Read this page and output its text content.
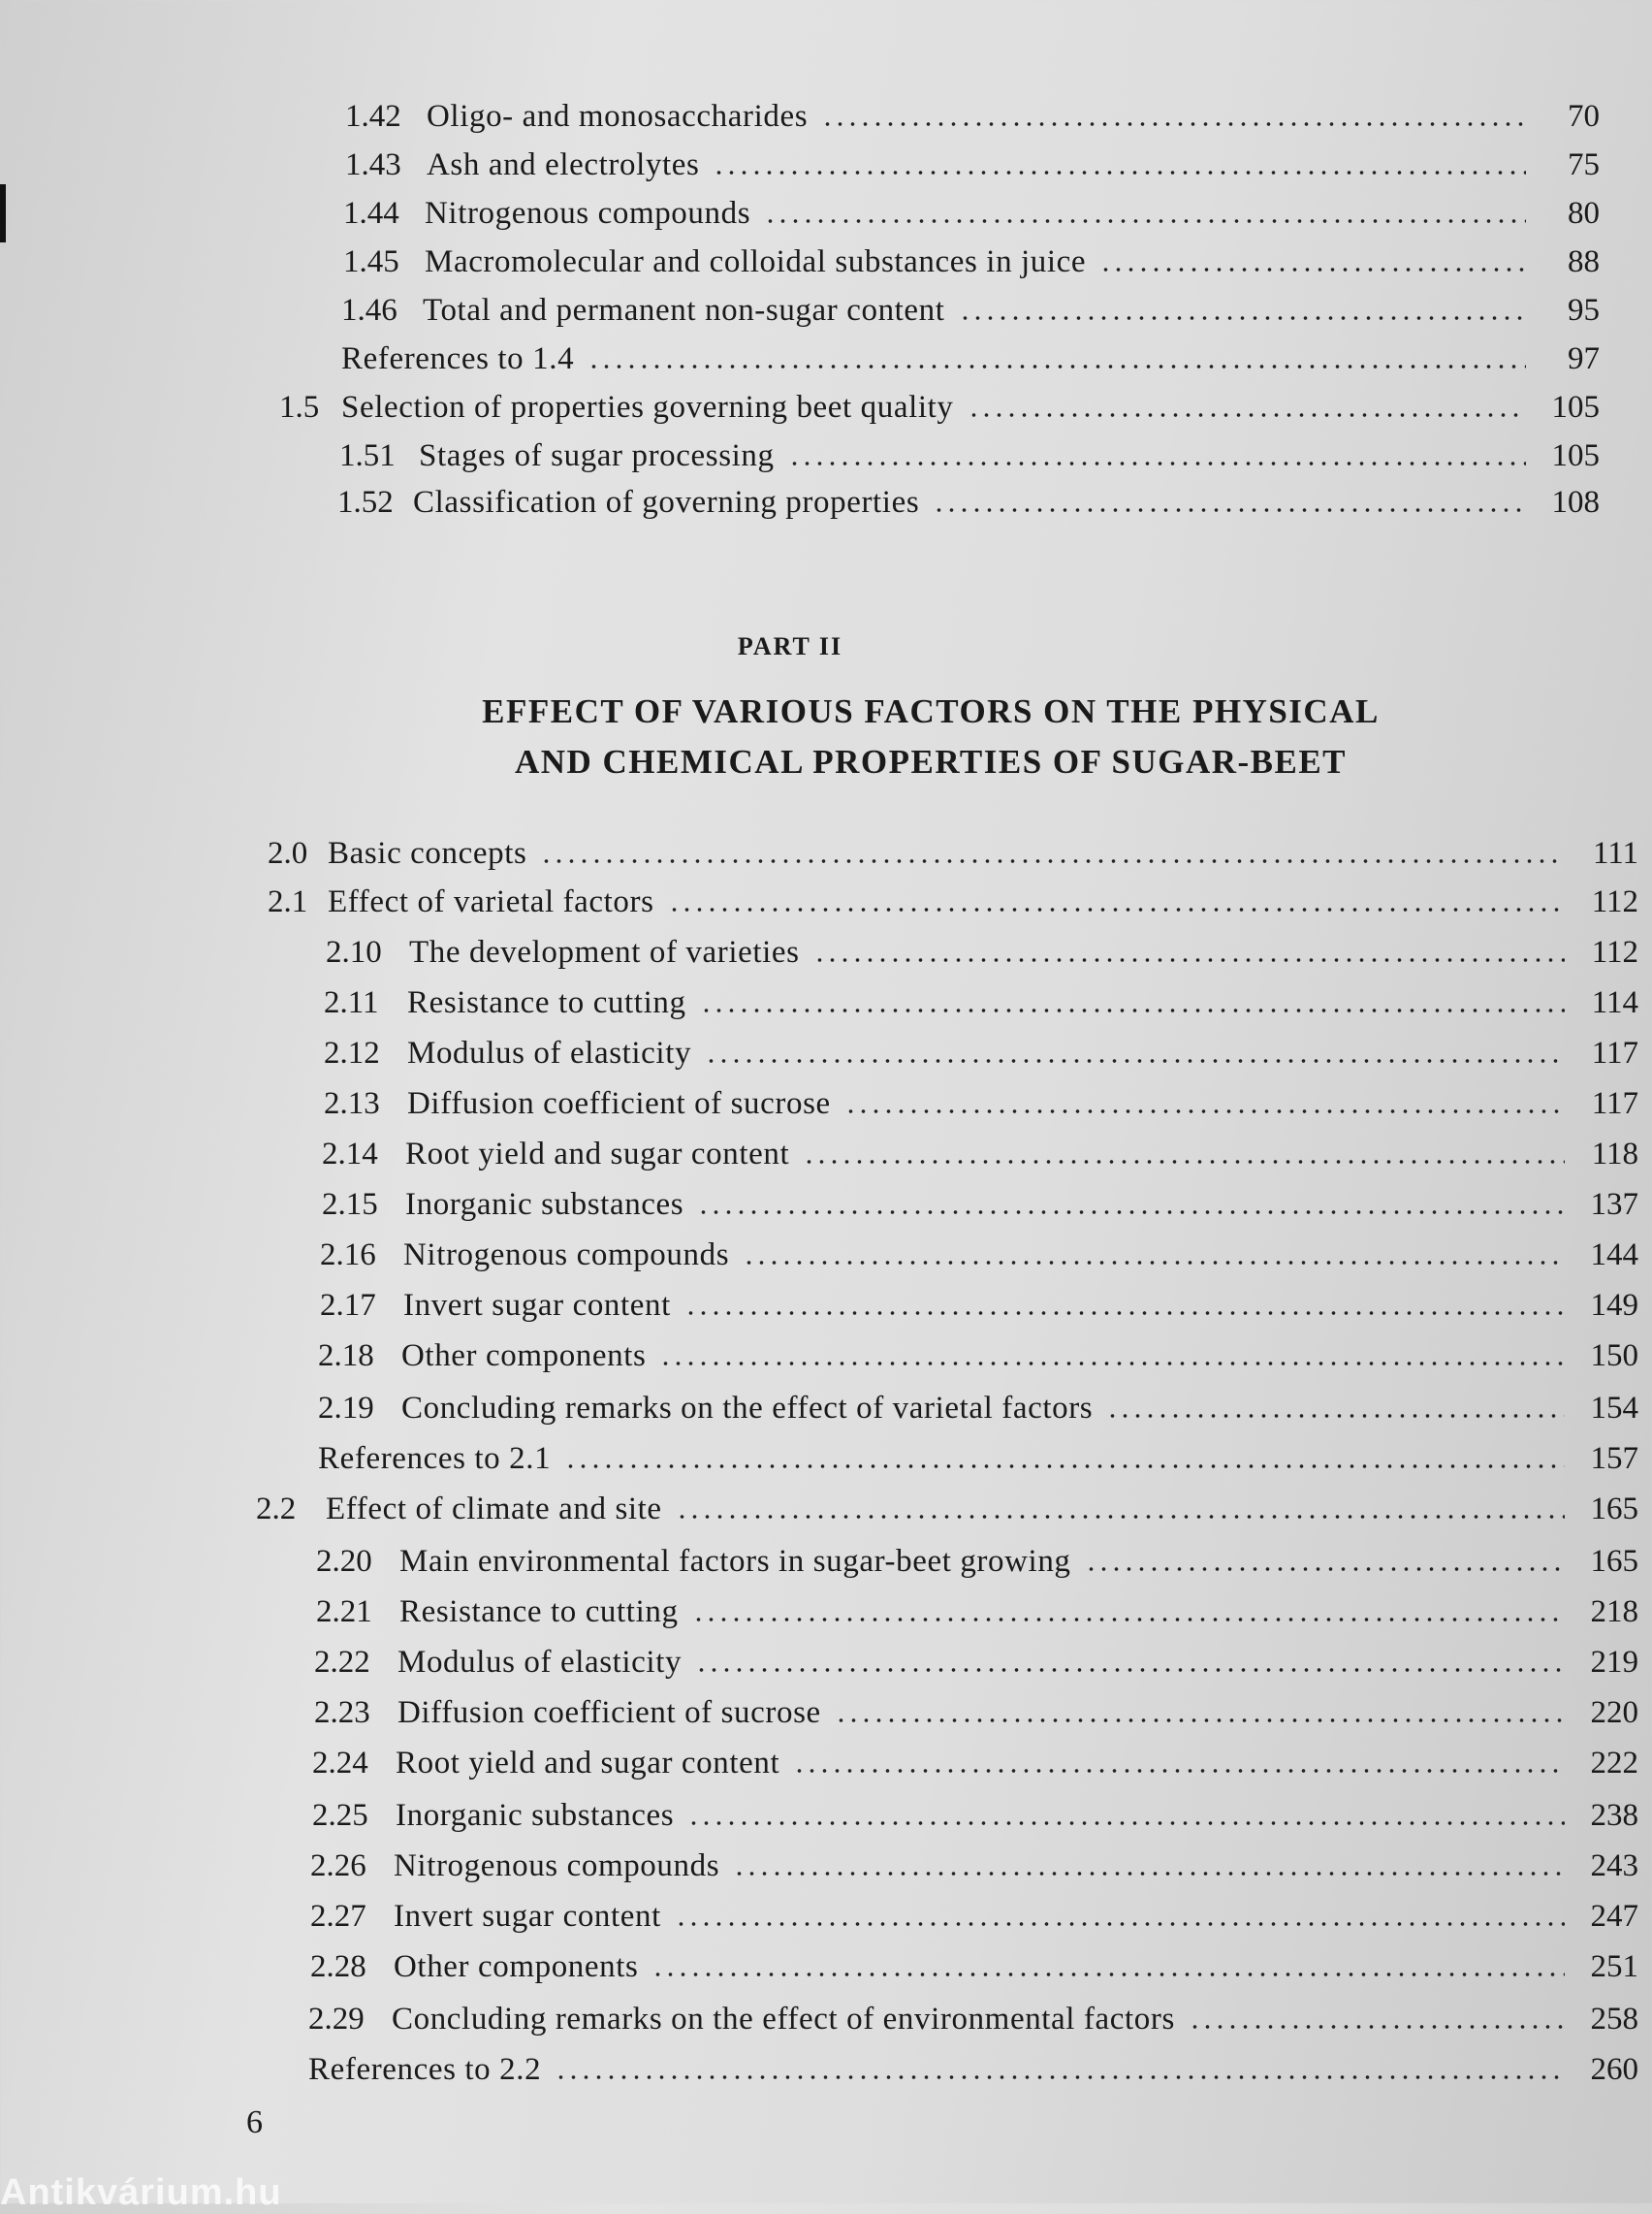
1.42 Oligo- and monosaccharides	70
1.43 Ash and electrolytes	75
1.44 Nitrogenous compounds	80
1.45 Macromolecular and colloidal substances in juice	88
1.46 Total and permanent non-sugar content	95
References to 1.4	97
1.5 Selection of properties governing beet quality	105
1.51 Stages of sugar processing	105
1.52 Classification of governing properties	108
PART II
EFFECT OF VARIOUS FACTORS ON THE PHYSICAL
AND CHEMICAL PROPERTIES OF SUGAR-BEET
2.0 Basic concepts	111
2.1 Effect of varietal factors	112
2.10 The development of varieties	112
2.11 Resistance to cutting	114
2.12 Modulus of elasticity	117
2.13 Diffusion coefficient of sucrose	117
2.14 Root yield and sugar content	118
2.15 Inorganic substances	137
2.16 Nitrogenous compounds	144
2.17 Invert sugar content	149
2.18 Other components	150
2.19 Concluding remarks on the effect of varietal factors	154
References to 2.1	157
2.2 Effect of climate and site	165
2.20 Main environmental factors in sugar-beet growing	165
2.21 Resistance to cutting	218
2.22 Modulus of elasticity	219
2.23 Diffusion coefficient of sucrose	220
2.24 Root yield and sugar content	222
2.25 Inorganic substances	238
2.26 Nitrogenous compounds	243
2.27 Invert sugar content	247
2.28 Other components	251
2.29 Concluding remarks on the effect of environmental factors	258
References to 2.2	260
6
Antikvárium.hu
